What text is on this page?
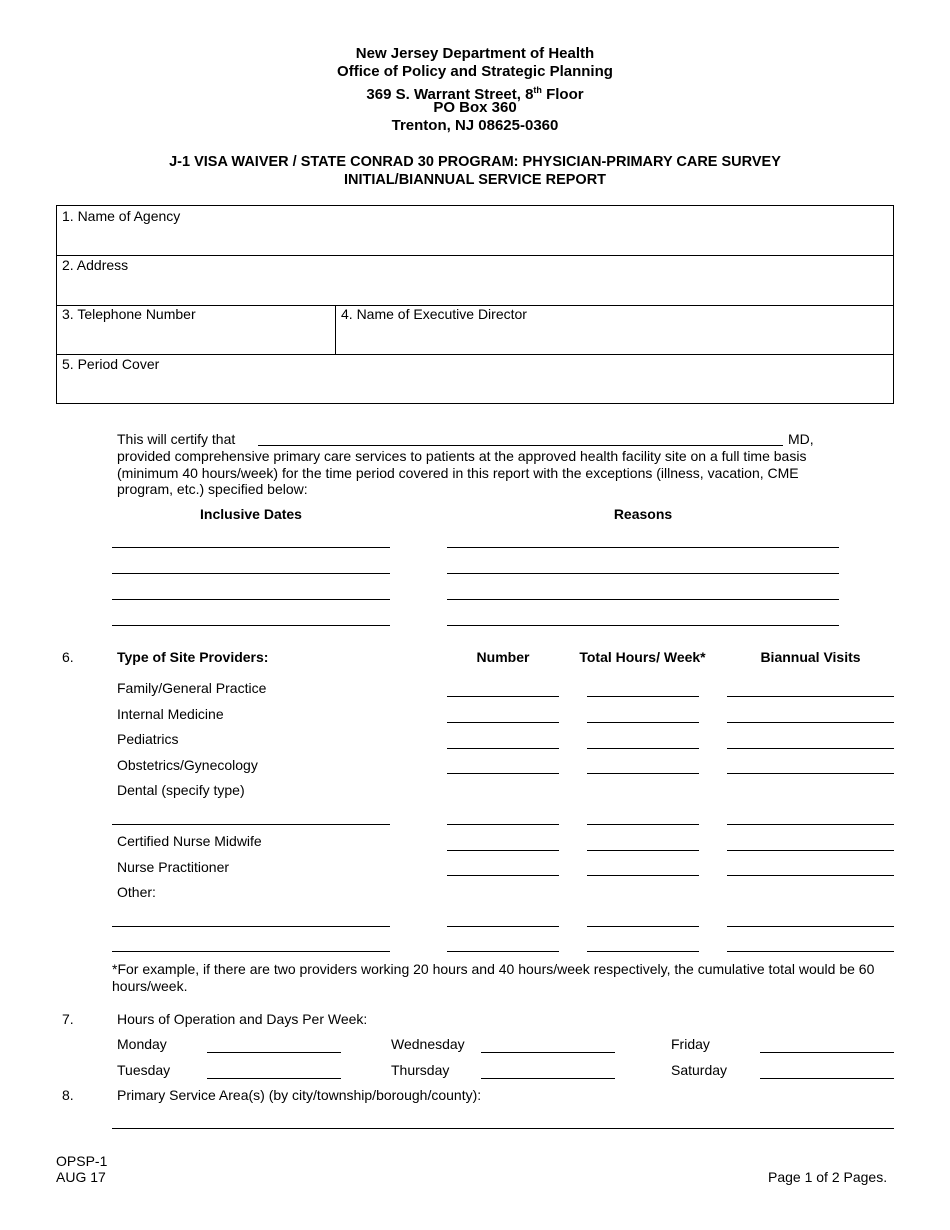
New Jersey Department of Health
Office of Policy and Strategic Planning
369 S. Warrant Street, 8th Floor
PO Box 360
Trenton, NJ 08625-0360
J-1 VISA WAIVER / STATE CONRAD 30 PROGRAM: PHYSICIAN-PRIMARY CARE SURVEY
INITIAL/BIANNUAL SERVICE REPORT
1. Name of Agency
2. Address
3. Telephone Number	4. Name of Executive Director
5. Period Cover
This will certify that	MD,
provided comprehensive primary care services to patients at the approved health facility site on a full time basis (minimum 40 hours/week) for the time period covered in this report with the exceptions (illness, vacation, CME program, etc.) specified below:
Inclusive Dates	Reasons
6.	Type of Site Providers:	Number	Total Hours/ Week*	Biannual Visits
Family/General Practice
Internal Medicine
Pediatrics
Obstetrics/Gynecology
Dental (specify type)
Certified Nurse Midwife
Nurse Practitioner
Other:
*For example, if there are two providers working 20 hours and 40 hours/week respectively, the cumulative total would be 60 hours/week.
7.	Hours of Operation and Days Per Week:
Monday	Wednesday	Friday
Tuesday	Thursday	Saturday
8.	Primary Service Area(s) (by city/township/borough/county):
OPSP-1
AUG 17	Page 1 of 2 Pages.
